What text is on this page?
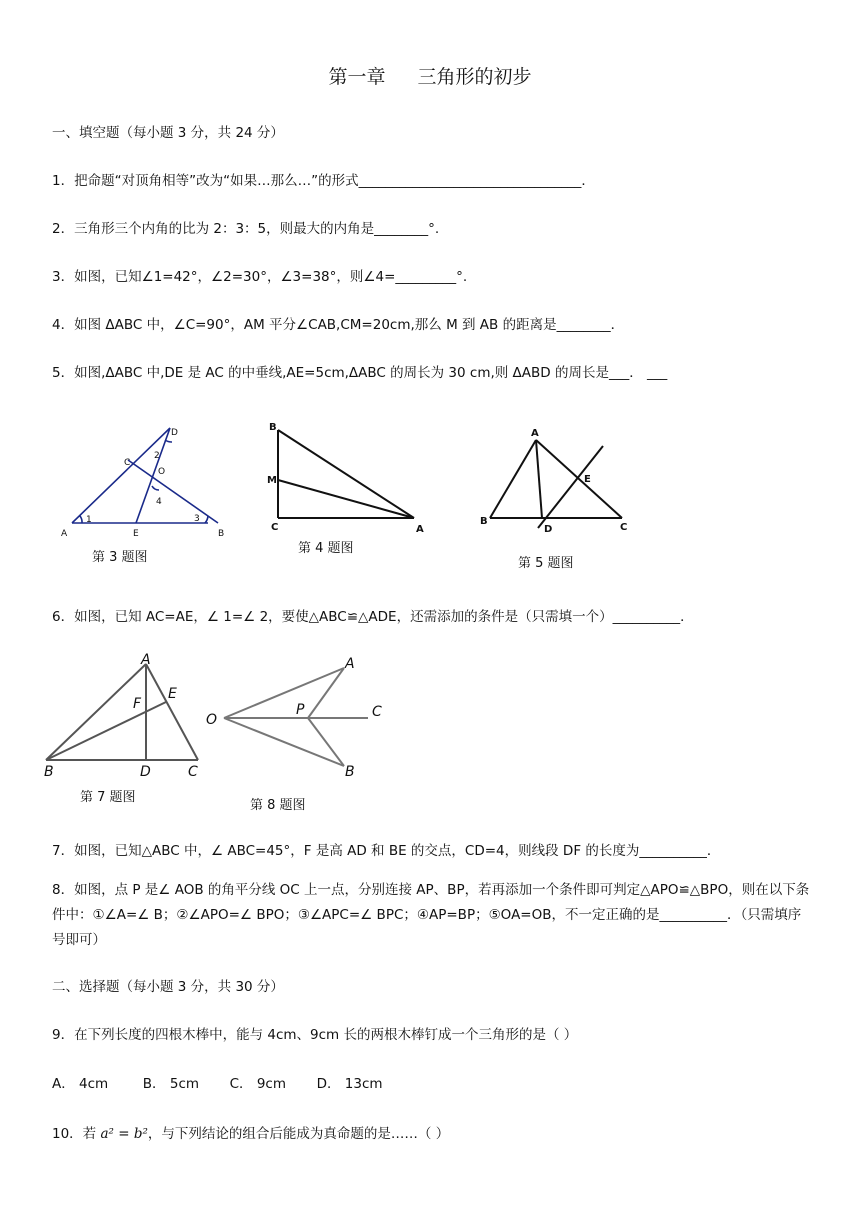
第一章 三角形的初步
一、填空题（每小题 3 分，共 24 分）
1．把命题“对顶角相等”改为“如果…那么…”的形式_________________________________．
2．三角形三个内角的比为 2：3：5，则最大的内角是________°.
3．如图，已知∠1=42°，∠2=30°，∠3=38°，则∠4=_________°.
4．如图 ΔABC 中，∠C=90°，AM 平分∠CAB,CM=20cm,那么 M 到 AB 的距离是________．
5．如图,ΔABC 中,DE 是 AC 的中垂线,AE=5cm,ΔABC 的周长为 30 cm,则 ΔABD 的周长是___． ___
A	B
C
D
E
O
1
2
3
4
第 3 题图
B
M
C	A
第 4 题图
A
B
C
D
E
第 5 题图
6．如图，已知 AC=AE，∠ 1=∠ 2，要使△ABC≌△ADE，还需添加的条件是（只需填一个）__________．
A
B	C
D
E
F
第 7 题图
A
B
C
O
P
第 8 题图
7．如图，已知△ABC 中，∠ ABC=45°，F 是高 AD 和 BE 的交点，CD=4，则线段 DF 的长度为__________．
8．如图，点 P 是∠ AOB 的角平分线 OC 上一点，分别连接 AP、BP，若再添加一个条件即可判定△APO≌△BPO，则在以下条件中：①∠A=∠ B；②∠APO=∠ BPO；③∠APC=∠ BPC；④AP=BP；⑤OA=OB，不一定正确的是__________．（只需填序号即可）
二、选择题（每小题 3 分，共 30 分）
9．在下列长度的四根木棒中，能与 4cm、9cm 长的两根木棒钉成一个三角形的是（ ）
A． 4cm	B． 5cm C． 9cm D． 13cm
10．若 a² = b²，与下列结论的组合后能成为真命题的是……（ ）
